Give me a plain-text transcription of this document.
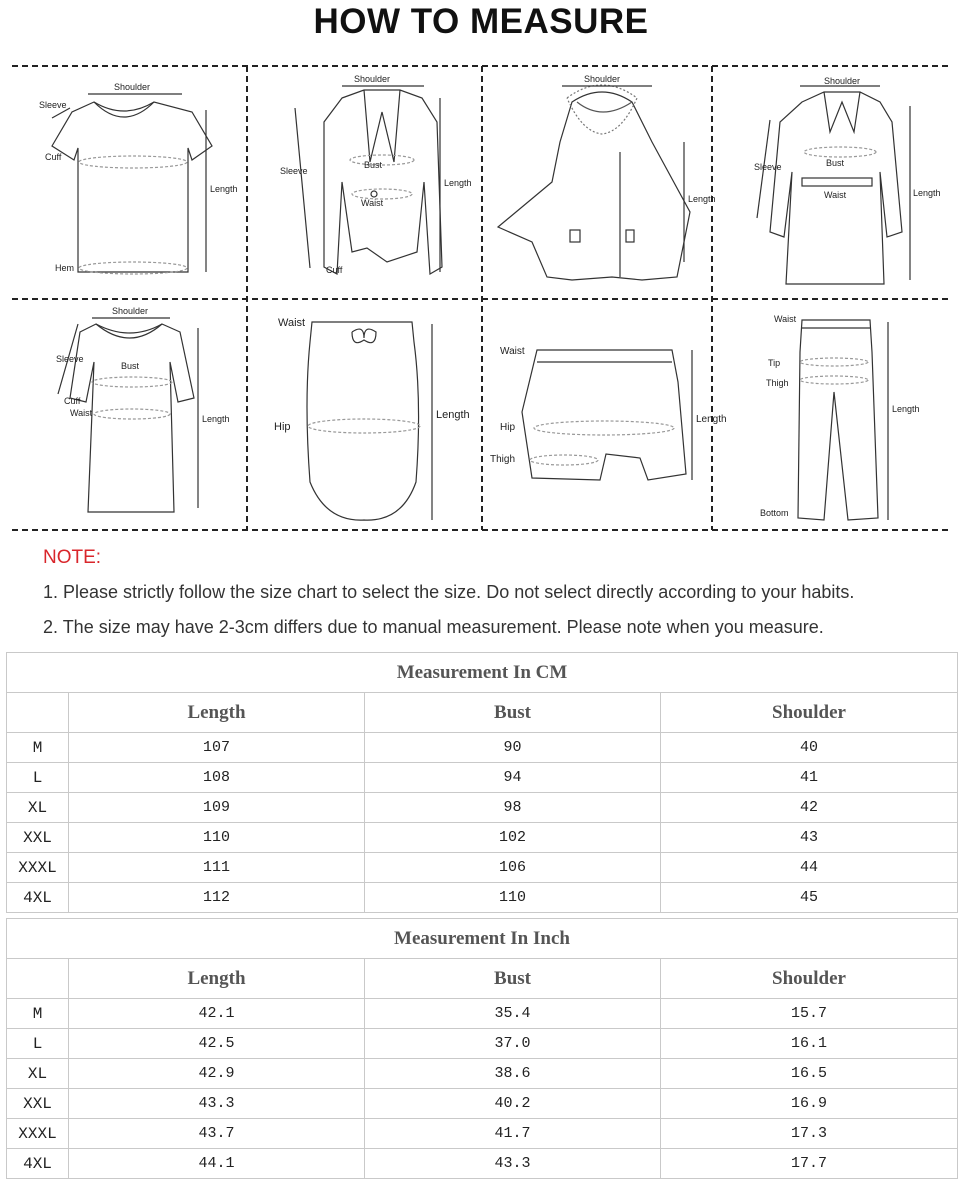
HOW TO MEASURE
Shoulder
Sleeve
Cuff
Length
Hem
Shoulder
Bust
Waist
Sleeve
Length
Cuff
Shoulder
Length
Shoulder
Sleeve	Bust
Waist	Length
Shoulder
Sleeve
Bust
Cuff
Waist
Length
Waist
Hip
Length
Waist
Hip
Thigh
Length
Waist
Tip
Thigh
Bottom
Length
NOTE:
1. Please strictly follow the size chart to select the size. Do not select directly according to your habits.
2. The size may have 2-3cm differs due to manual measurement. Please note when you measure.
Measurement In CM			
	Length	Bust	Shoulder
M	107	90	40
L	108	94	41
XL	109	98	42
XXL	110	102	43
XXXL	111	106	44
4XL	112	110	45
Measurement In Inch			
	Length	Bust	Shoulder
M	42.1	35.4	15.7
L	42.5	37.0	16.1
XL	42.9	38.6	16.5
XXL	43.3	40.2	16.9
XXXL	43.7	41.7	17.3
4XL	44.1	43.3	17.7
